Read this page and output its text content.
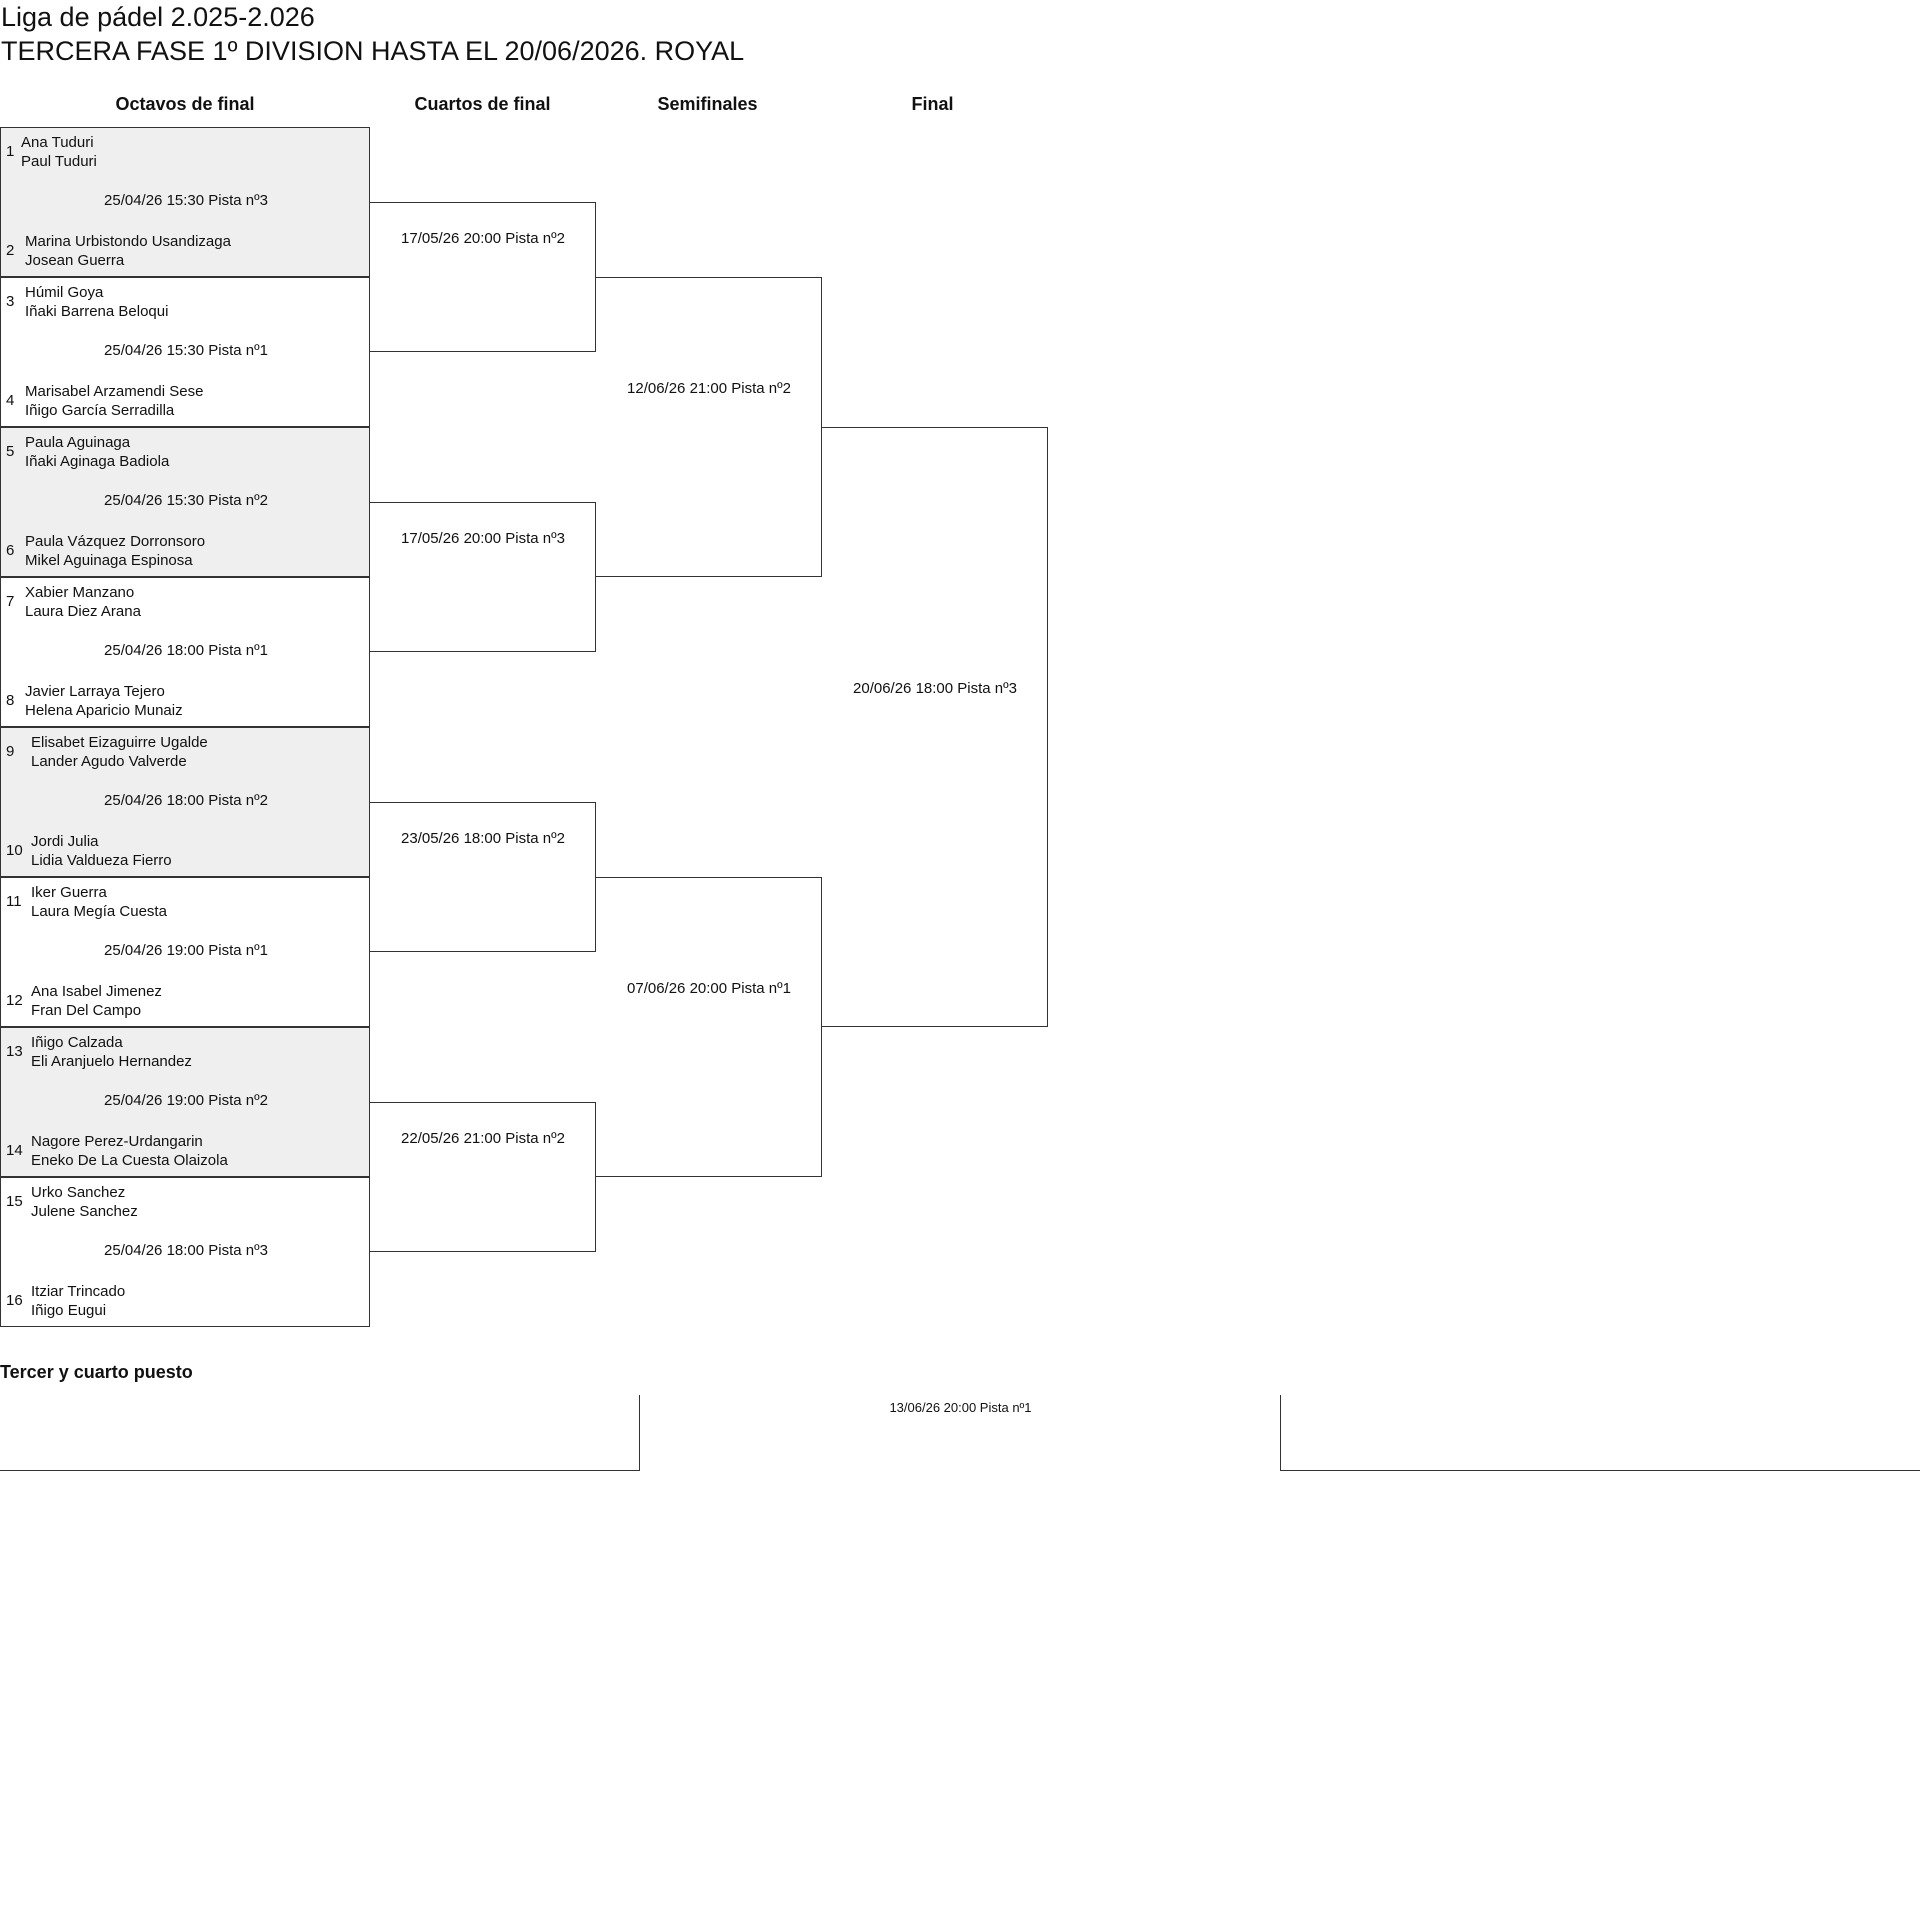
Liga de pádel 2.025-2.026
TERCERA FASE 1º DIVISION HASTA EL 20/06/2026. ROYAL
Octavos de final	Cuartos de final	Semifinales	Final
1
Ana Tuduri
Paul Tuduri
25/04/26 15:30 Pista nº3
2
Marina Urbistondo Usandizaga
Josean Guerra
3
Húmil Goya
Iñaki Barrena Beloqui
25/04/26 15:30 Pista nº1
4
Marisabel Arzamendi Sese
Iñigo García Serradilla
5
Paula Aguinaga
Iñaki Aginaga Badiola
25/04/26 15:30 Pista nº2
6
Paula Vázquez Dorronsoro
Mikel Aguinaga Espinosa
7
Xabier Manzano
Laura Diez Arana
25/04/26 18:00 Pista nº1
8
Javier Larraya Tejero
Helena Aparicio Munaiz
9
Elisabet Eizaguirre Ugalde
Lander Agudo Valverde
25/04/26 18:00 Pista nº2
10
Jordi Julia
Lidia Valdueza Fierro
11
Iker Guerra
Laura Megía Cuesta
25/04/26 19:00 Pista nº1
12
Ana Isabel Jimenez
Fran Del Campo
13
Iñigo Calzada
Eli Aranjuelo Hernandez
25/04/26 19:00 Pista nº2
14
Nagore Perez-Urdangarin
Eneko De La Cuesta Olaizola
15
Urko Sanchez
Julene Sanchez
25/04/26 18:00 Pista nº3
16
Itziar Trincado
Iñigo Eugui
17/05/26 20:00 Pista nº2
17/05/26 20:00 Pista nº3
23/05/26 18:00 Pista nº2
22/05/26 21:00 Pista nº2
12/06/26 21:00 Pista nº2
07/06/26 20:00 Pista nº1
20/06/26 18:00 Pista nº3
Tercer y cuarto puesto
13/06/26 20:00 Pista nº1
